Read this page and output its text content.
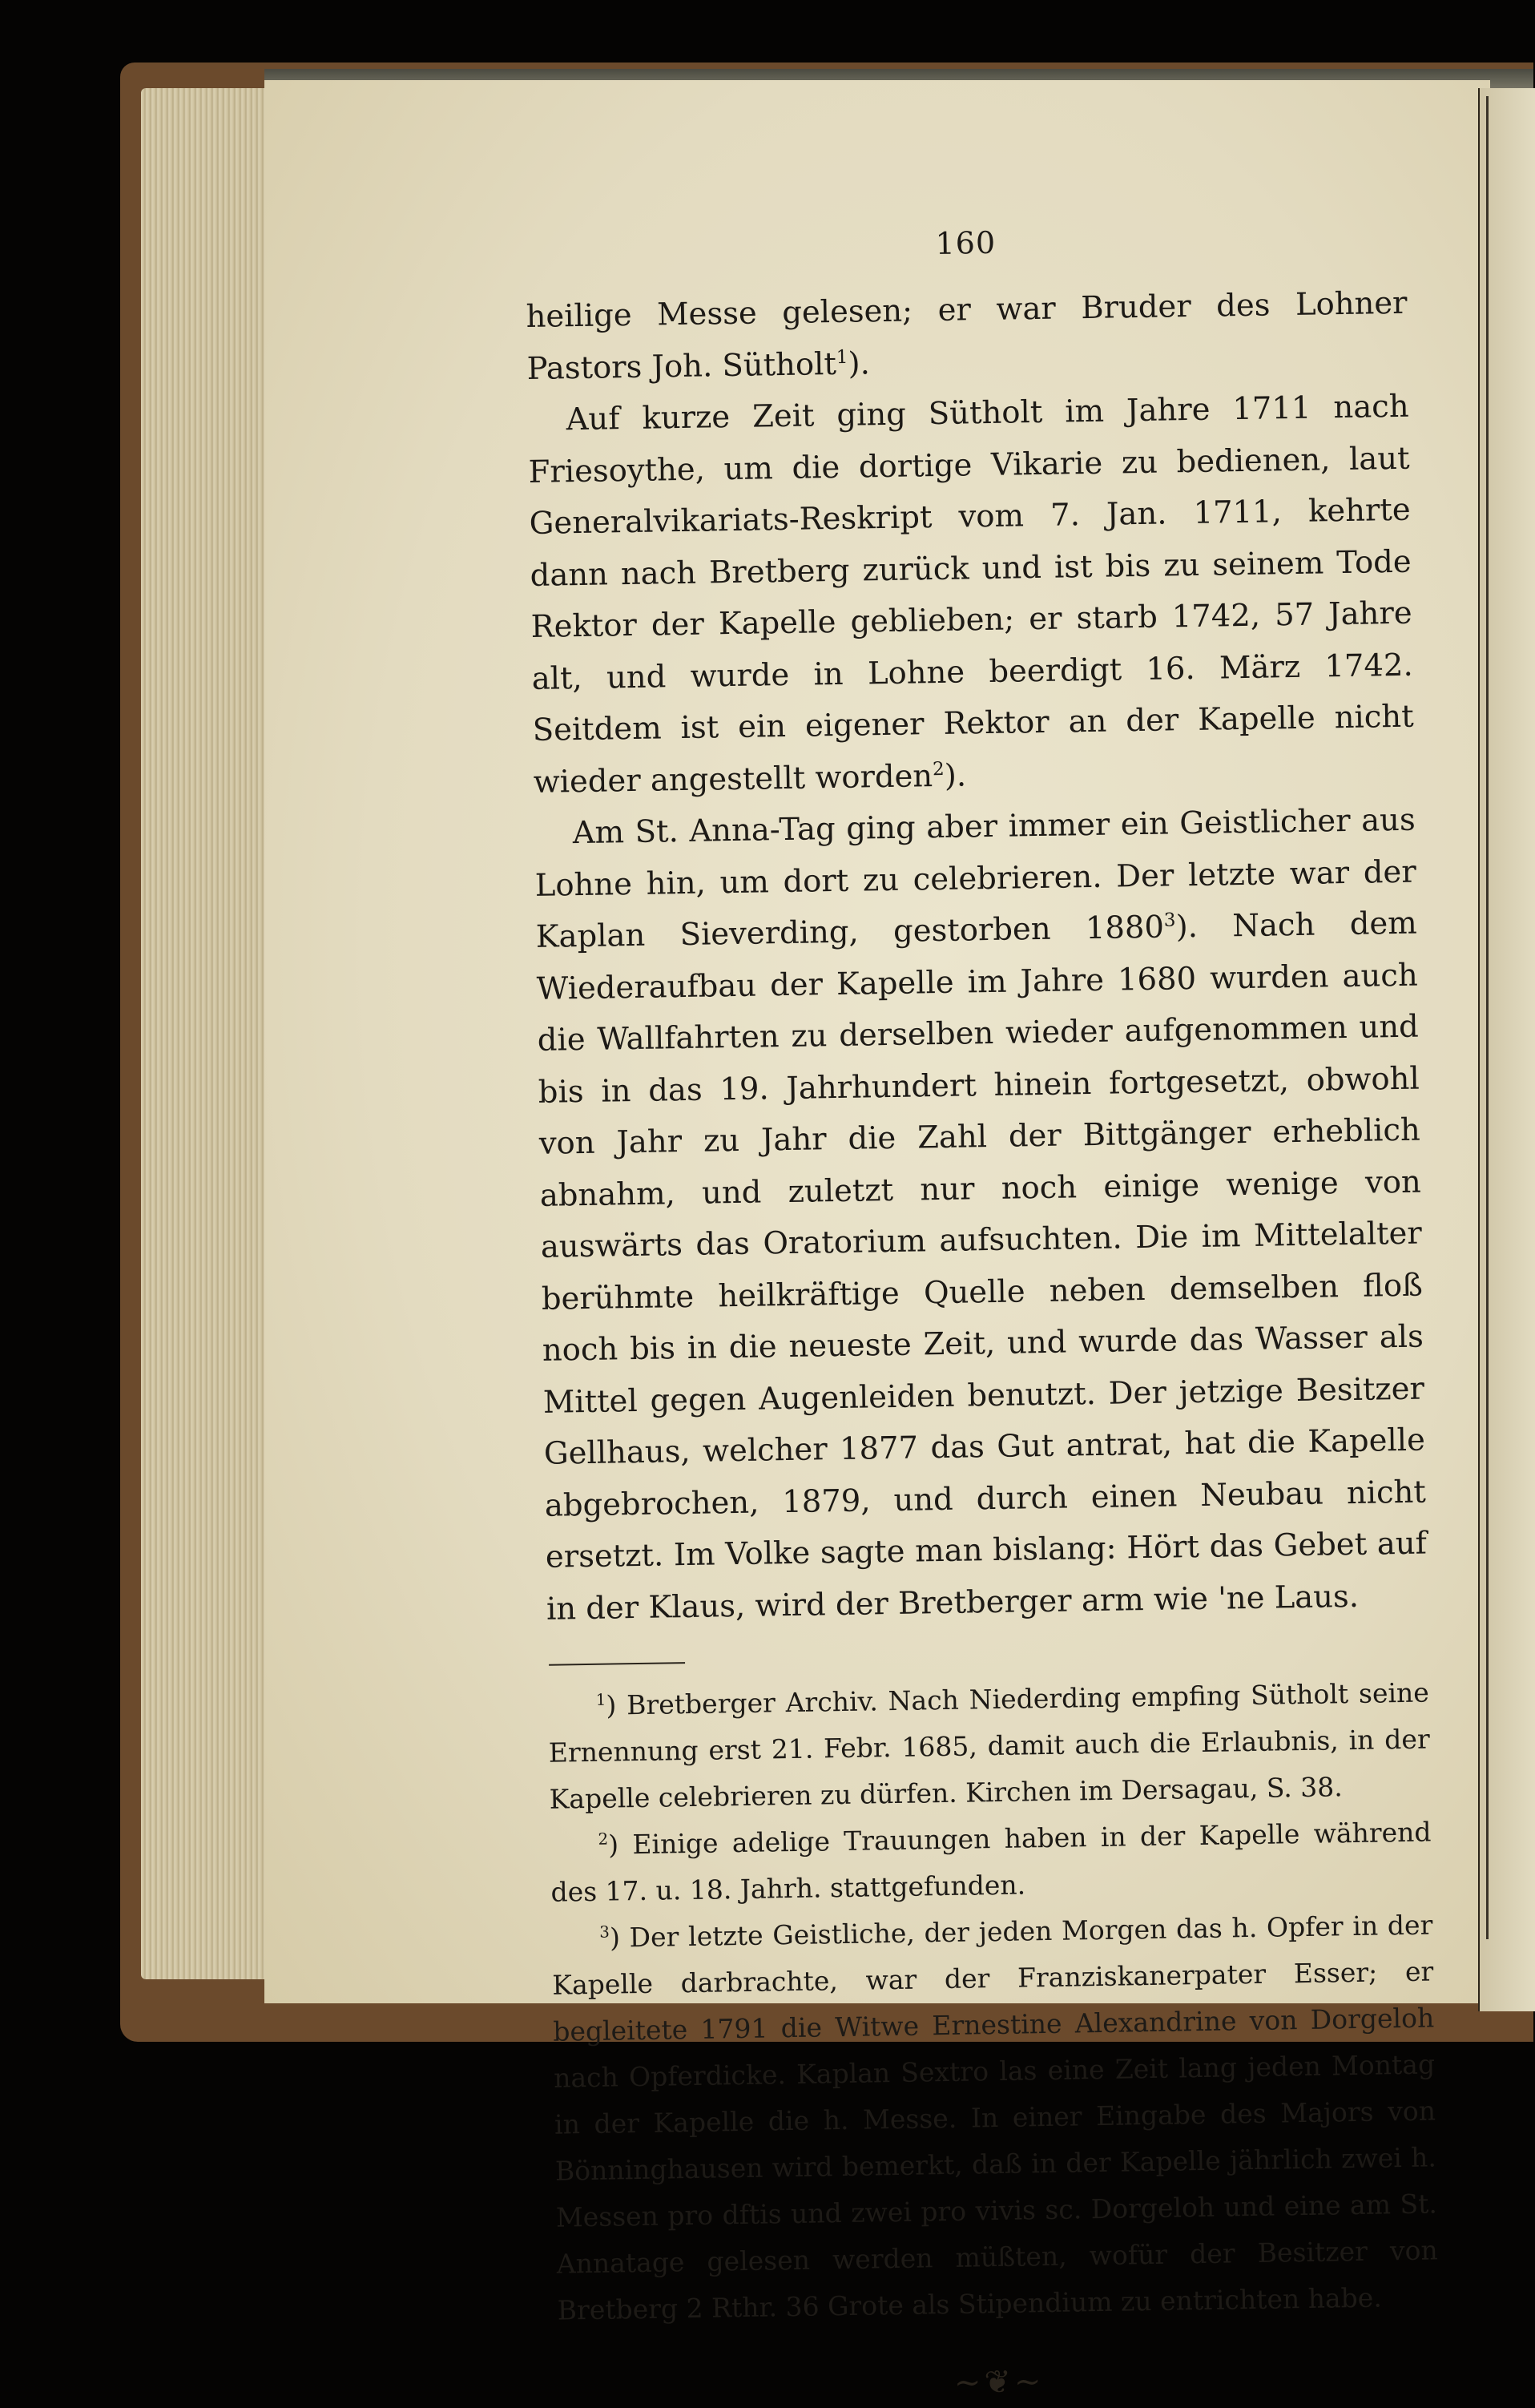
160

heilige Messe gelesen; er war Bruder des Lohner Pastors Joh. Sütholt$^1$).

Auf kurze Zeit ging Sütholt im Jahre 1711 nach Friesoythe, um die dortige Vikarie zu bedienen, laut Generalvikariats-Reskript vom 7. Jan. 1711, kehrte dann nach Bretberg zurück und ist bis zu seinem Tode Rektor der Kapelle geblieben; er starb 1742, 57 Jahre alt, und wurde in Lohne beerdigt 16. März 1742. Seitdem ist ein eigener Rektor an der Kapelle nicht wieder angestellt worden$^2$).

Am St. Anna-Tag ging aber immer ein Geistlicher aus Lohne hin, um dort zu celebrieren. Der letzte war der Kaplan Sieverding, gestorben 1880$^3$). Nach dem Wiederaufbau der Kapelle im Jahre 1680 wurden auch die Wallfahrten zu derselben wieder aufgenommen und bis in das 19. Jahrhundert hinein fortgesetzt, obwohl von Jahr zu Jahr die Zahl der Bittgänger erheblich abnahm, und zuletzt nur noch einige wenige von auswärts das Oratorium aufsuchten. Die im Mittelalter berühmte heilkräftige Quelle neben demselben floß noch bis in die neueste Zeit, und wurde das Wasser als Mittel gegen Augenleiden benutzt. Der jetzige Besitzer Gellhaus, welcher 1877 das Gut antrat, hat die Kapelle abgebrochen, 1879, und durch einen Neubau nicht ersetzt. Im Volke sagte man bislang: Hört das Gebet auf in der Klaus, wird der Bretberger arm wie 'ne Laus.

$^1$) Bretberger Archiv. Nach Niederding empfing Sütholt seine Ernennung erst 21. Febr. 1685, damit auch die Erlaubnis, in der Kapelle celebrieren zu dürfen. Kirchen im Dersagau, S. 38.

$^2$) Einige adelige Trauungen haben in der Kapelle während des 17. u. 18. Jahrh. stattgefunden.

$^3$) Der letzte Geistliche, der jeden Morgen das h. Opfer in der Kapelle darbrachte, war der Franziskanerpater Esser; er begleitete 1791 die Witwe Ernestine Alexandrine von Dorgeloh nach Opferdicke. Kaplan Sextro las eine Zeit lang jeden Montag in der Kapelle die h. Messe. In einer Eingabe des Majors von Bönninghausen wird bemerkt, daß in der Kapelle jährlich zwei h. Messen pro dftis und zwei pro vivis sc. Dorgeloh und eine am St. Annatage gelesen werden müßten, wofür der Besitzer von Bretberg 2 Rthr. 36 Grote als Stipendium zu entrichten habe.

~❦~
